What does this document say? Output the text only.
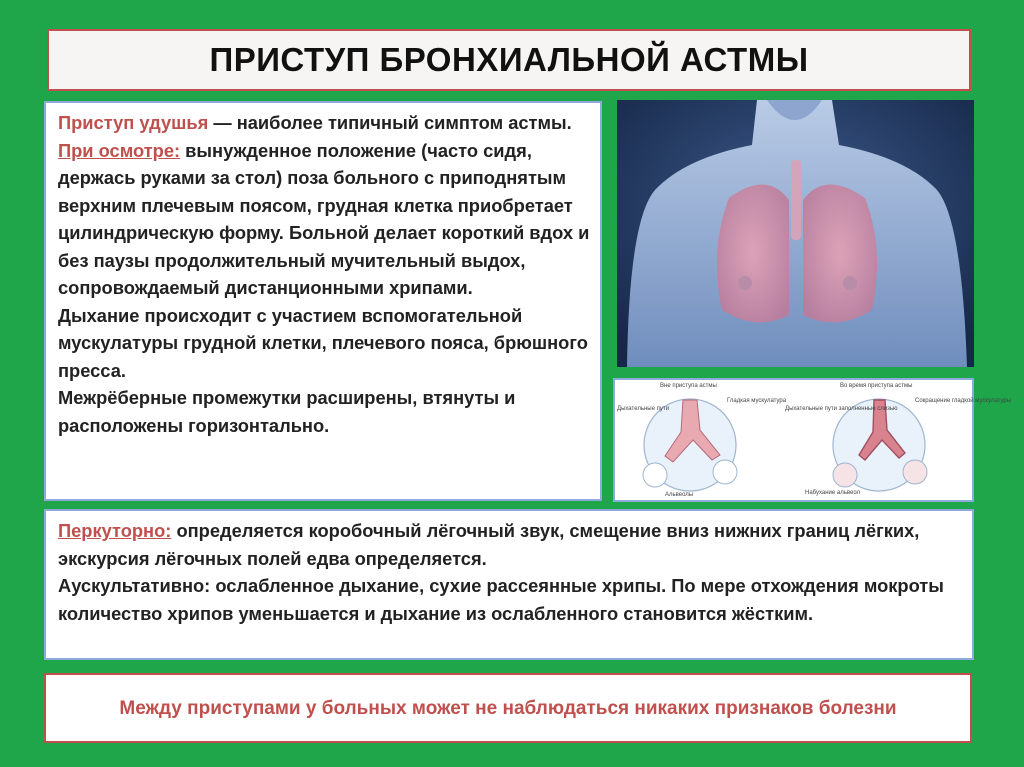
ПРИСТУП БРОНХИАЛЬНОЙ АСТМЫ
Приступ удушья — наиболее типичный симптом астмы.
При осмотре: вынужденное положение (часто сидя, держась руками за стол) поза больного с приподнятым верхним плечевым поясом, грудная клетка приобретает цилиндрическую форму. Больной делает короткий вдох и без паузы продолжительный мучительный выдох, сопровождаемый дистанционными хрипами.
Дыхание происходит с участием вспомогательной мускулатуры грудной клетки, плечевого пояса, брюшного пресса.
Межрёберные промежутки расширены, втянуты и расположены горизонтально.
Вне приступа астмы	Во время приступа астмы
Дыхательные пути
Гладкая мускулатура
Альвеолы
Дыхательные пути заполненные слизью
Сокращение гладкой мускулатуры
Набухание альвеол
Перкуторно: определяется коробочный лёгочный звук, смещение вниз нижних границ лёгких, экскурсия лёгочных полей едва определяется.
Аускультативно: ослабленное дыхание, сухие рассеянные хрипы. По мере отхождения мокроты количество хрипов уменьшается и дыхание из ослабленного становится жёстким.
Между приступами у больных может не наблюдаться никаких признаков болезни
